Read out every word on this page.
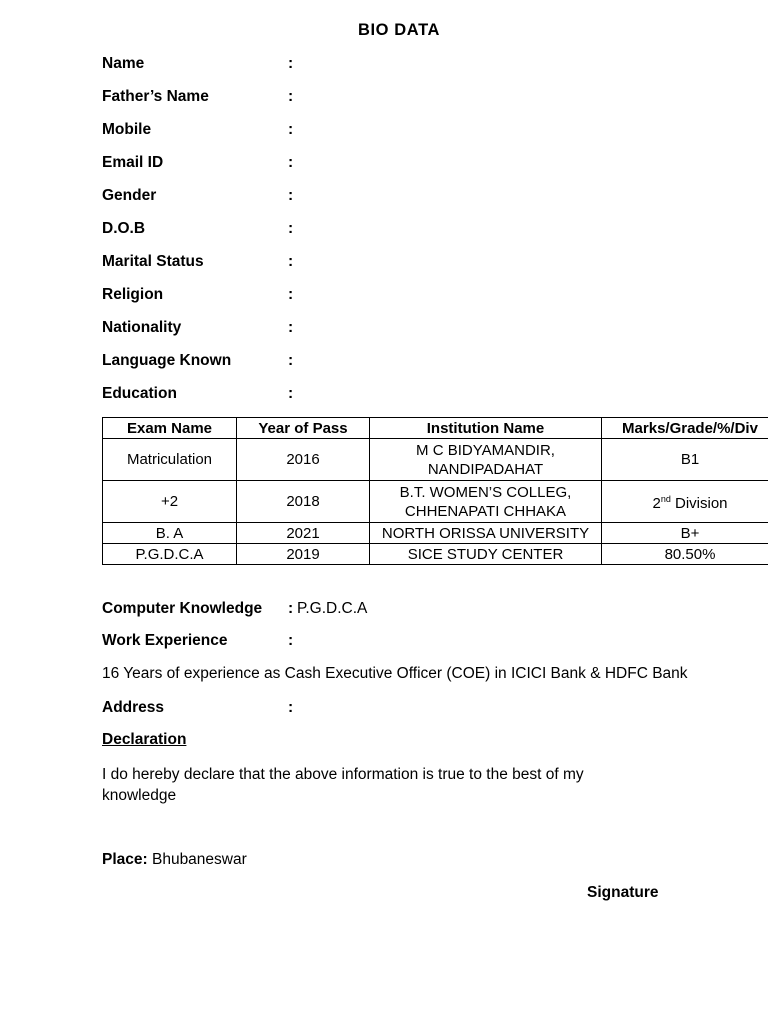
BIO DATA
Name	:
Father’s Name	:
Mobile	:
Email ID	:
Gender	:
D.O.B	:
Marital Status	:
Religion	:
Nationality	:
Language Known	:
Education	:
Exam Name	Year of Pass	Institution Name	Marks/Grade/%/Div
Matriculation	2016	M C BIDYAMANDIR, NANDIPADAHAT	B1
+2	2018	B.T. WOMEN’S COLLEG, CHHENAPATI CHHAKA	2nd Division
B. A	2021	NORTH ORISSA UNIVERSITY	B+
P.G.D.C.A	2019	SICE STUDY CENTER	80.50%
Computer Knowledge : P.G.D.C.A
Work Experience	:
16 Years of experience as Cash Executive Officer (COE) in ICICI Bank & HDFC Bank
Address	:
Declaration
I do hereby declare that the above information is true to the best of my knowledge
Place: Bhubaneswar
Signature
